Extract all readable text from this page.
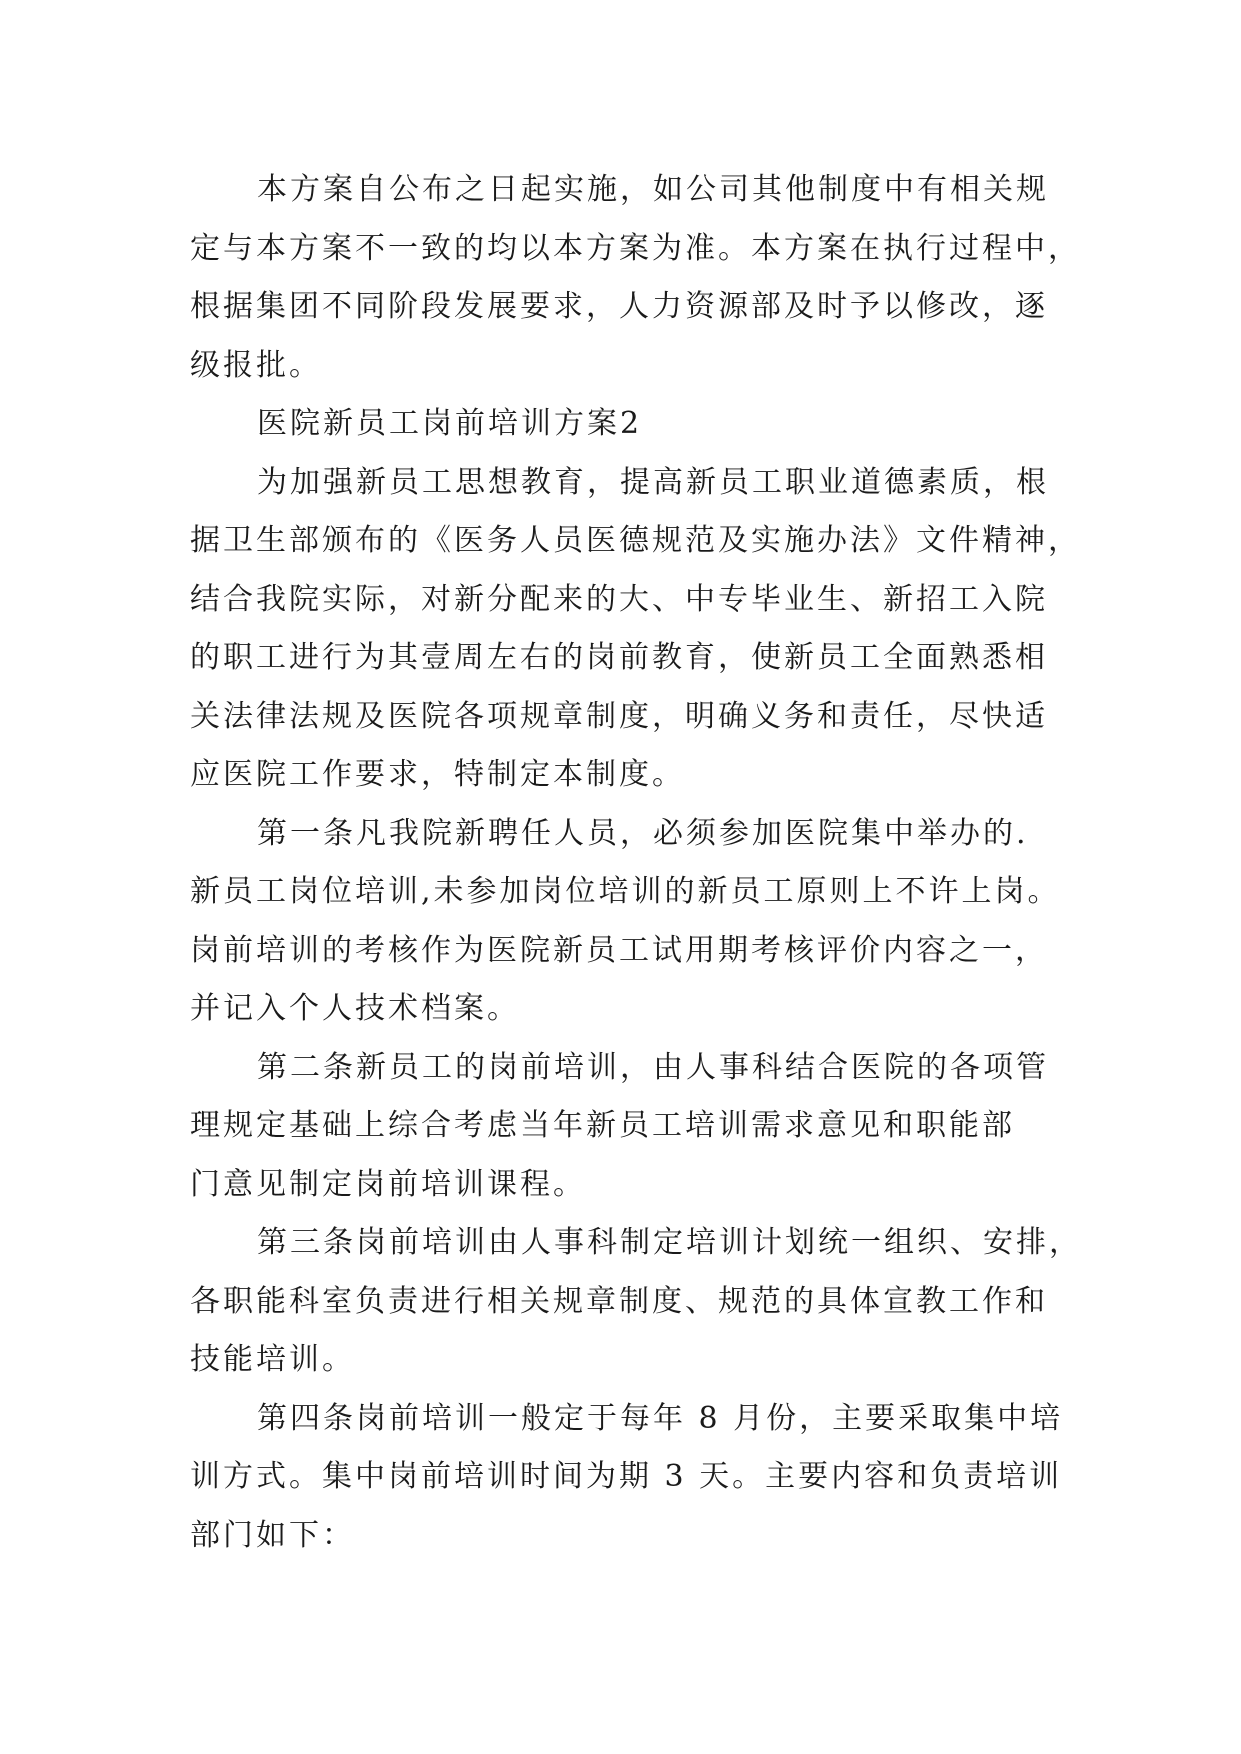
本方案自公布之日起实施，如公司其他制度中有相关规
定与本方案不一致的均以本方案为准。本方案在执行过程中，
根据集团不同阶段发展要求，人力资源部及时予以修改，逐
级报批。
医院新员工岗前培训方案2
为加强新员工思想教育，提高新员工职业道德素质，根
据卫生部颁布的《医务人员医德规范及实施办法》文件精神，
结合我院实际，对新分配来的大、中专毕业生、新招工入院
的职工进行为其壹周左右的岗前教育，使新员工全面熟悉相
关法律法规及医院各项规章制度，明确义务和责任，尽快适
应医院工作要求，特制定本制度。
第一条凡我院新聘任人员，必须参加医院集中举办的.
新员工岗位培训,未参加岗位培训的新员工原则上不许上岗。
岗前培训的考核作为医院新员工试用期考核评价内容之一，
并记入个人技术档案。
第二条新员工的岗前培训，由人事科结合医院的各项管
理规定基础上综合考虑当年新员工培训需求意见和职能部
门意见制定岗前培训课程。
第三条岗前培训由人事科制定培训计划统一组织、安排，
各职能科室负责进行相关规章制度、规范的具体宣教工作和
技能培训。
第四条岗前培训一般定于每年 8 月份，主要采取集中培
训方式。集中岗前培训时间为期 3 天。主要内容和负责培训
部门如下：
